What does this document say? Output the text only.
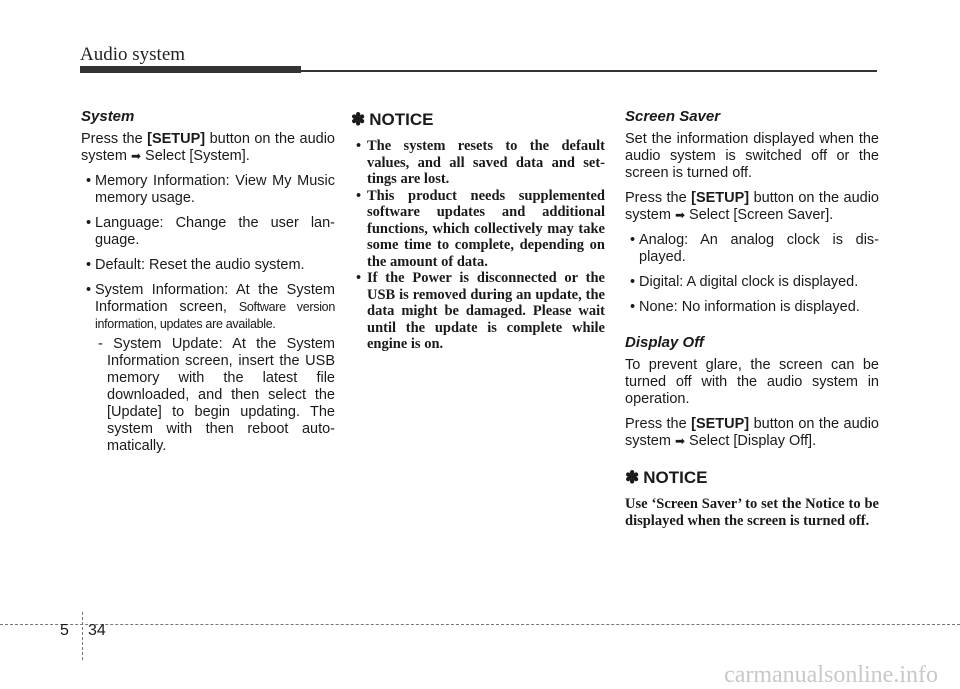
Audio system
System

Press the [SETUP] button on the audio system ➡ Select [System].

• Memory Information: View My Music memory usage.
• Language: Change the user lan-guage.
• Default: Reset the audio system.
• System Information: At the System Information screen, Software version information, updates are available.
- System Update: At the System Information screen, insert the USB memory with the latest file downloaded, and then select the [Update] to begin updating. The system with then reboot auto-matically.
✽ NOTICE
• The system resets to the default values, and all saved data and set-tings are lost.
• This product needs supplemented software updates and additional functions, which collectively may take some time to complete, depending on the amount of data.
• If the Power is disconnected or the USB is removed during an update, the data might be damaged. Please wait until the update is complete while engine is on.
Screen Saver

Set the information displayed when the audio system is switched off or the screen is turned off.

Press the [SETUP] button on the audio system ➡ Select [Screen Saver].

• Analog: An analog clock is dis-played.
• Digital: A digital clock is displayed.
• None: No information is displayed.
Display Off

To prevent glare, the screen can be turned off with the audio system in operation.

Press the [SETUP] button on the audio system ➡ Select [Display Off].

✽ NOTICE

Use ‘Screen Saver’ to set the Notice to be displayed when the screen is turned off.

5 34
carmanualsonline.info
